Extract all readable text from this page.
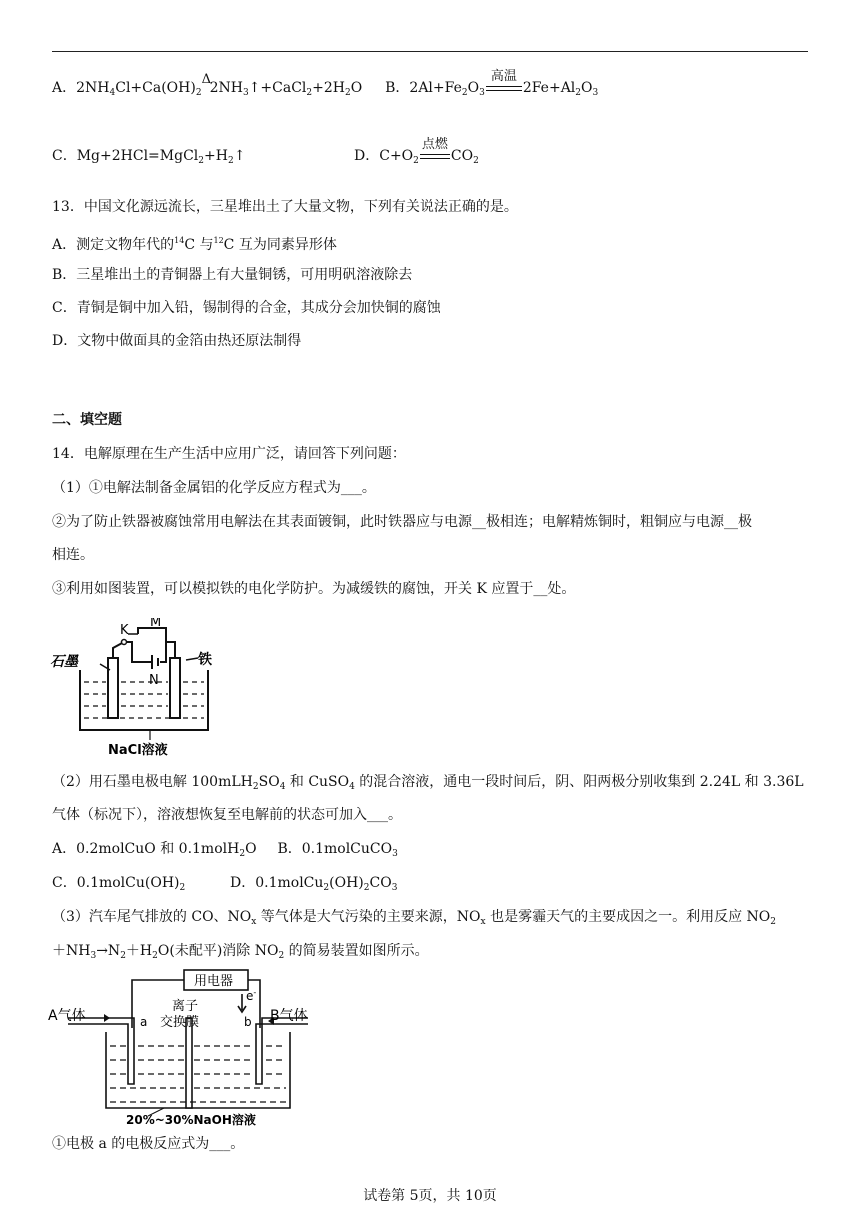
A．$2NH_4Cl+Ca(OH)_2$
Δ
$2NH_3↑+CaCl_2+2H_2O$ B．$2Al+Fe_2O_3$
高温
$2Fe+Al_2O_3$
C．$Mg+2HCl=MgCl_2+H_2↑$	D．$C+O_2$
点燃
$CO_2$
13．中国文化源远流长，三星堆出土了大量文物，下列有关说法正确的是。
A．测定文物年代的$^{14}$C 与$^{12}$C 互为同素异形体
B．三星堆出土的青铜器上有大量铜锈，可用明矾溶液除去
C．青铜是铜中加入铅，锡制得的合金，其成分会加快铜的腐蚀
D．文物中做面具的金箔由热还原法制得
二、填空题
14．电解原理在生产生活中应用广泛，请回答下列问题：
（1）①电解法制备金属铝的化学反应方程式为___。
②为了防止铁器被腐蚀常用电解法在其表面镀铜，此时铁器应与电源__极相连；电解精炼铜时，粗铜应与电源__极
相连。
③利用如图装置，可以模拟铁的电化学防护。为减缓铁的腐蚀，开关 K 应置于__处。
K
M
N
石墨	铁
NaCl溶液
（2）用石墨电极电解 $100mLH_2SO_4$ 和 CuSO$_4$ 的混合溶液，通电一段时间后，阴、阳两极分别收集到 2.24L 和 3.36L
气体（标况下），溶液想恢复至电解前的状态可加入___。
A．0.2molCuO 和 0.1molH$_2$O B．0.1molCuCO$_3$
C．$0.1molCu(OH)_2$	D．$0.1molCu_2(OH)_2CO_3$
（3）汽车尾气排放的 CO、$NO_x$ 等气体是大气污染的主要来源，$NO_x$ 也是雾霾天气的主要成因之一。利用反应 $NO_2$
$+NH_3\to N_2+H_2O$(未配平)消除 $NO_2$ 的简易装置如图所示。
用电器
e-
离子
交换膜
a	b
A气体	B气体
20%~30%NaOH溶液
①电极 a 的电极反应式为___。
试卷第 5页，共 10页
